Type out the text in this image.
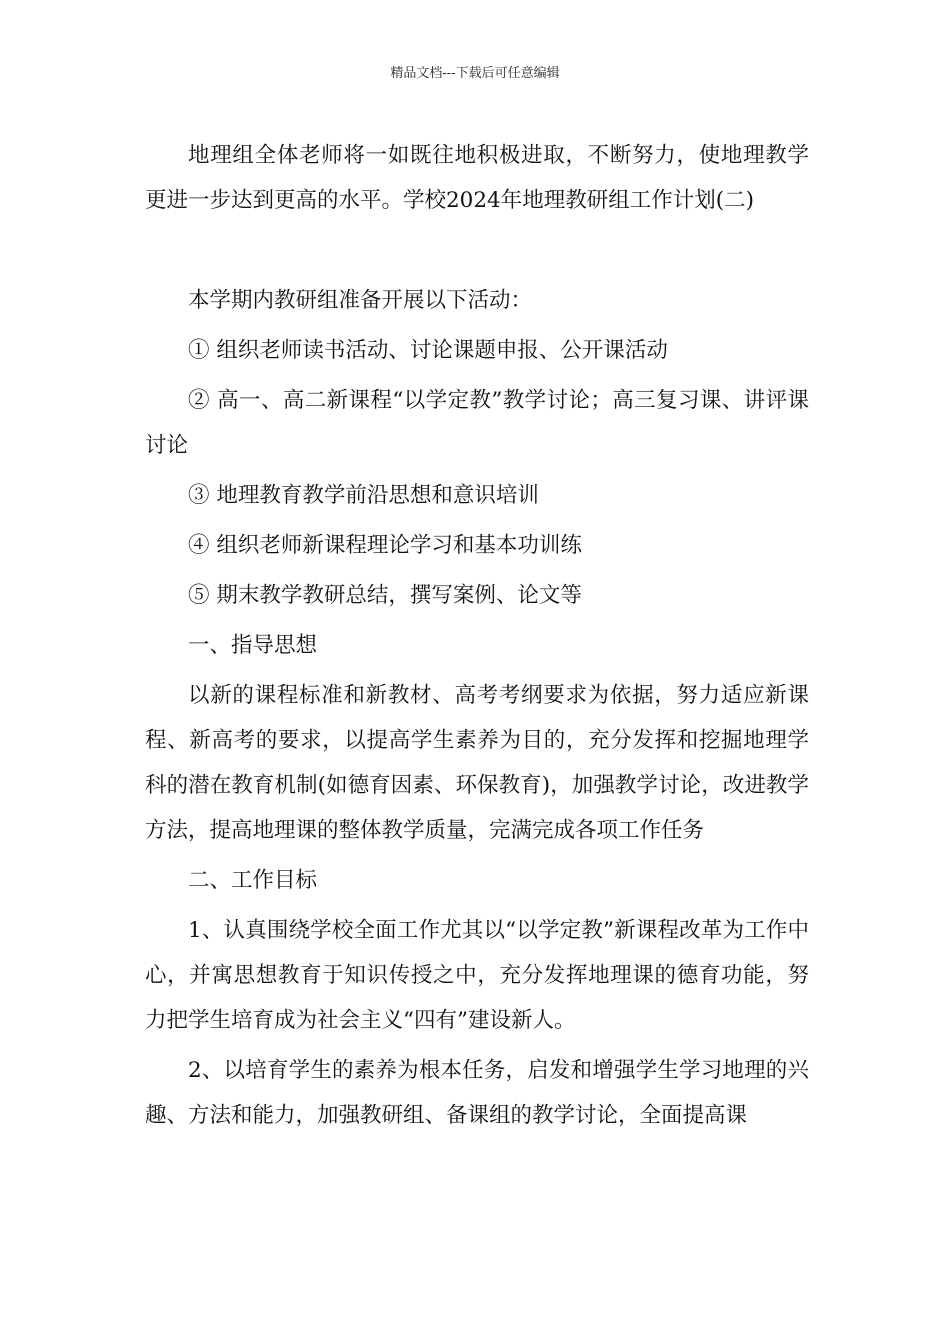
精品文档---下载后可任意编辑

地理组全体老师将一如既往地积极进取，不断努力，使地理教学更进一步达到更高的水平。学校2024年地理教研组工作计划(二)

本学期内教研组准备开展以下活动：

① 组织老师读书活动、讨论课题申报、公开课活动

② 高一、高二新课程“以学定教”教学讨论；高三复习课、讲评课讨论

③ 地理教育教学前沿思想和意识培训

④ 组织老师新课程理论学习和基本功训练

⑤ 期末教学教研总结，撰写案例、论文等

一、指导思想

以新的课程标准和新教材、高考考纲要求为依据，努力适应新课程、新高考的要求，以提高学生素养为目的，充分发挥和挖掘地理学科的潜在教育机制(如德育因素、环保教育)，加强教学讨论，改进教学方法，提高地理课的整体教学质量，完满完成各项工作任务

二、工作目标

1、认真围绕学校全面工作尤其以“以学定教”新课程改革为工作中心，并寓思想教育于知识传授之中，充分发挥地理课的德育功能，努力把学生培育成为社会主义“四有”建设新人。

2、以培育学生的素养为根本任务，启发和增强学生学习地理的兴趣、方法和能力，加强教研组、备课组的教学讨论，全面提高课
